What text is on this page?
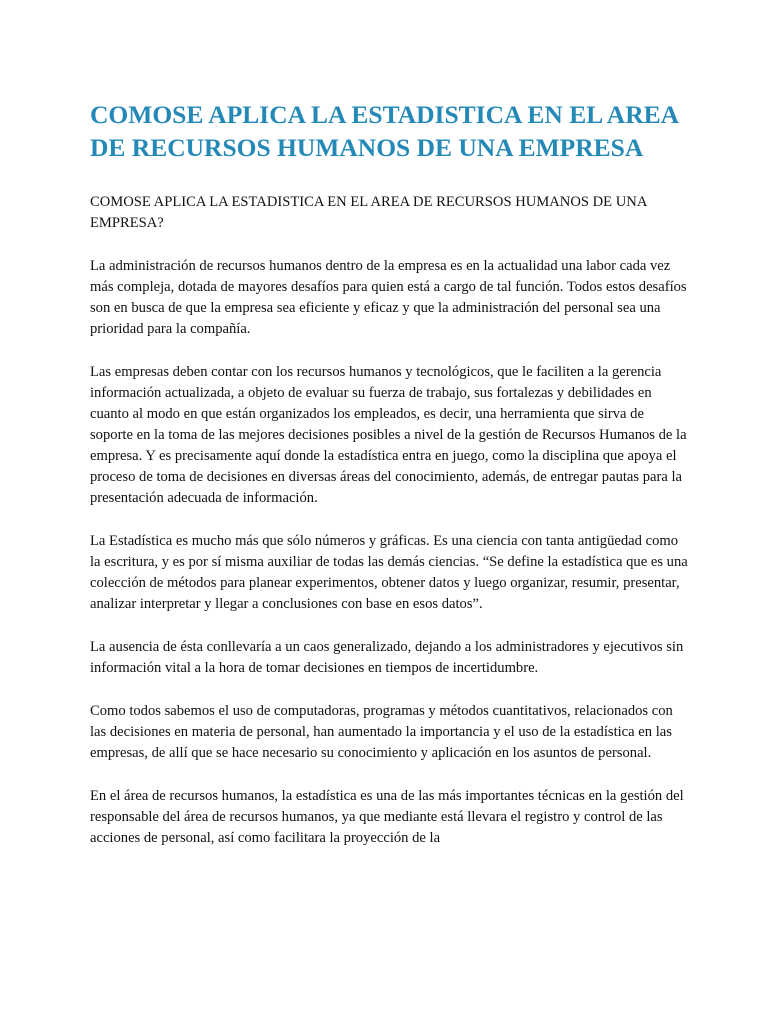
COMOSE APLICA LA ESTADISTICA EN EL AREA DE RECURSOS HUMANOS DE UNA EMPRESA

COMOSE APLICA LA ESTADISTICA EN EL AREA DE RECURSOS HUMANOS DE UNA EMPRESA?

La administración de recursos humanos dentro de la empresa es en la actualidad una labor cada vez más compleja, dotada de mayores desafíos para quien está a cargo de tal función. Todos estos desafíos son en busca de que la empresa sea eficiente y eficaz y que la administración del personal sea una prioridad para la compañía.

Las empresas deben contar con los recursos humanos y tecnológicos, que le faciliten a la gerencia información actualizada, a objeto de evaluar su fuerza de trabajo, sus fortalezas y debilidades en cuanto al modo en que están organizados los empleados, es decir, una herramienta que sirva de soporte en la toma de las mejores decisiones posibles a nivel de la gestión de Recursos Humanos de la empresa. Y es precisamente aquí donde la estadística entra en juego, como la disciplina que apoya el proceso de toma de decisiones en diversas áreas del conocimiento, además, de entregar pautas para la presentación adecuada de información.

La Estadística es mucho más que sólo números y gráficas. Es una ciencia con tanta antigüedad como la escritura, y es por sí misma auxiliar de todas las demás ciencias. “Se define la estadística que es una colección de métodos para planear experimentos, obtener datos y luego organizar, resumir, presentar, analizar interpretar y llegar a conclusiones con base en esos datos”.

La ausencia de ésta conllevaría a un caos generalizado, dejando a los administradores y ejecutivos sin información vital a la hora de tomar decisiones en tiempos de incertidumbre.

Como todos sabemos el uso de computadoras, programas y métodos cuantitativos, relacionados con las decisiones en materia de personal, han aumentado la importancia y el uso de la estadística en las empresas, de allí que se hace necesario su conocimiento y aplicación en los asuntos de personal.

En el área de recursos humanos, la estadística es una de las más importantes técnicas en la gestión del responsable del área de recursos humanos, ya que mediante está llevara el registro y control de las acciones de personal, así como facilitara la proyección de la
